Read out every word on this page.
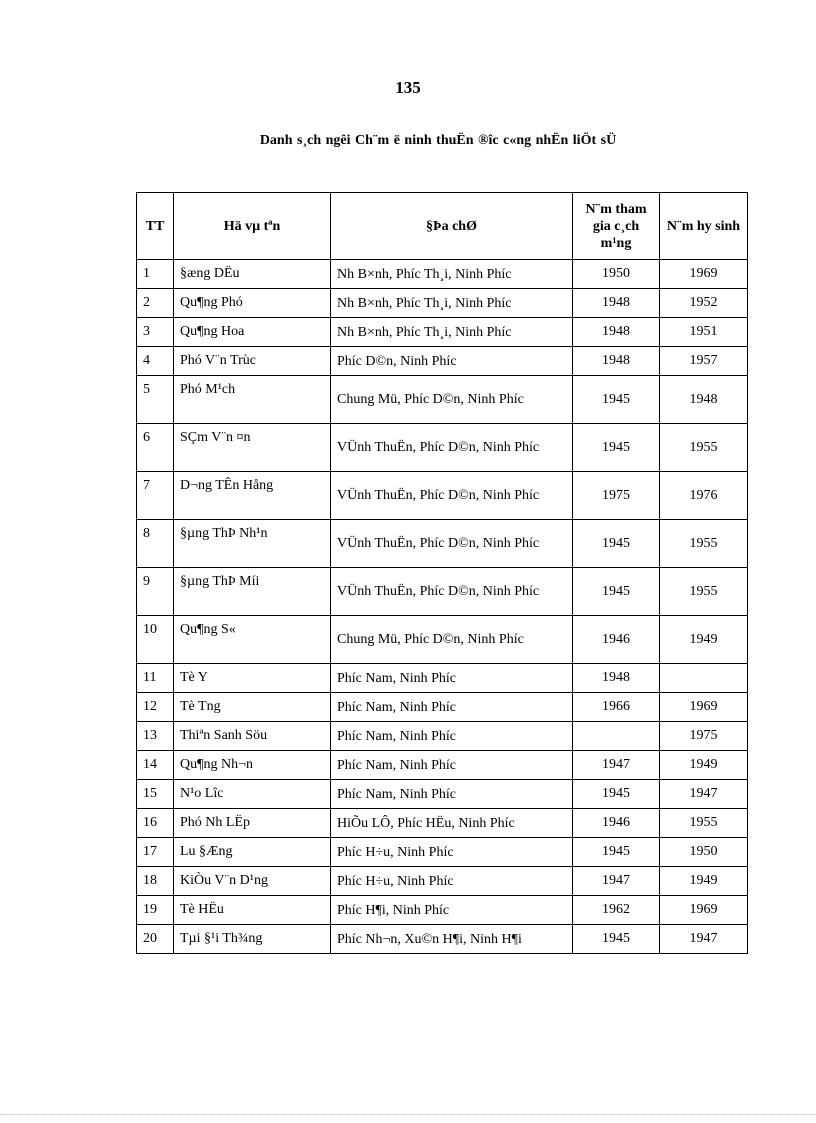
135
Danh s¸ch ngêi Ch¨m ë ninh thuËn ®îc c«ng nhËn liÖt sÜ
TT	Hä vµ tªn	§Þa chØ	N¨m tham gia c¸ch m¹ng	N¨m hy sinh
1	§æng DËu	Nh B×nh, Phíc Th¸i, Ninh Phíc	1950	1969
2	Qu¶ng Phó	Nh B×nh, Phíc Th¸i, Ninh Phíc	1948	1952
3	Qu¶ng Hoa	Nh B×nh, Phíc Th¸i, Ninh Phíc	1948	1951
4	Phó V¨n Trùc	Phíc D©n, Ninh Phíc	1948	1957
5	Phó M¹ch	Chung Mü, Phíc D©n, Ninh Phíc	1945	1948
6	SÇm V¨n ¤n	VÜnh ThuËn, Phíc D©n, Ninh Phíc	1945	1955
7	D¬ng TÊn Hång	VÜnh ThuËn, Phíc D©n, Ninh Phíc	1975	1976
8	§µng ThÞ Nh¹n	VÜnh ThuËn, Phíc D©n, Ninh Phíc	1945	1955
9	§µng ThÞ Míi	VÜnh ThuËn, Phíc D©n, Ninh Phíc	1945	1955
10	Qu¶ng S«	Chung Mü, Phíc D©n, Ninh Phíc	1946	1949
11	Tè Y	Phíc Nam, Ninh Phíc	1948	
12	Tè Tng	Phíc Nam, Ninh Phíc	1966	1969
13	Thiªn Sanh Söu	Phíc Nam, Ninh Phíc		1975
14	Qu¶ng Nh¬n	Phíc Nam, Ninh Phíc	1947	1949
15	N¹o Lîc	Phíc Nam, Ninh Phíc	1945	1947
16	Phó Nh LËp	HiÕu LÔ, Phíc HËu, Ninh Phíc	1946	1955
17	Lu §Æng	Phíc H÷u, Ninh Phíc	1945	1950
18	KiÒu V¨n D¹ng	Phíc H÷u, Ninh Phíc	1947	1949
19	Tè HËu	Phíc H¶i, Ninh Phíc	1962	1969
20	Tµi §¹i Th¾ng	Phíc Nh¬n, Xu©n H¶i, Ninh H¶i	1945	1947
